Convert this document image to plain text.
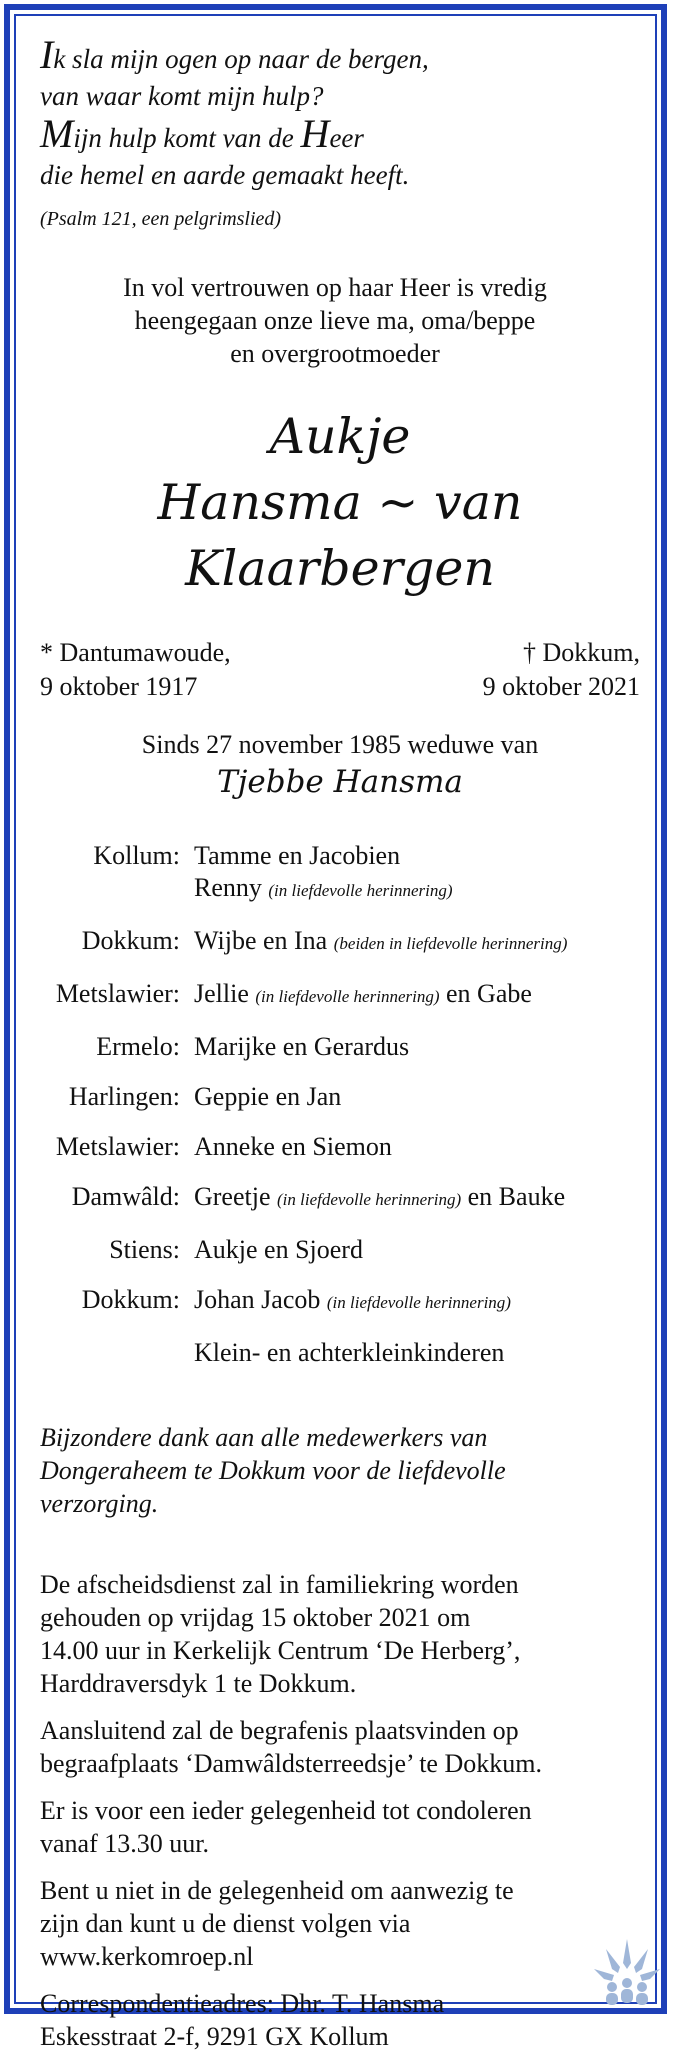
Ik sla mijn ogen op naar de bergen,
van waar komt mijn hulp?
Mijn hulp komt van de Heer
die hemel en aarde gemaakt heeft.
(Psalm 121, een pelgrimslied)
In vol vertrouwen op haar Heer is vredig
heengegaan onze lieve ma, oma/beppe
en overgrootmoeder
Aukje
Hansma ~ van Klaarbergen
* Dantumawoude,
9 oktober 1917
† Dokkum,
9 oktober 2021
Sinds 27 november 1985 weduwe van
Tjebbe Hansma
Kollum: Tamme en Jacobien
Renny (in liefdevolle herinnering)
Dokkum: Wijbe en Ina (beiden in liefdevolle herinnering)
Metslawier: Jellie (in liefdevolle herinnering) en Gabe
Ermelo: Marijke en Gerardus
Harlingen: Geppie en Jan
Metslawier: Anneke en Siemon
Damwâld: Greetje (in liefdevolle herinnering) en Bauke
Stiens: Aukje en Sjoerd
Dokkum: Johan Jacob (in liefdevolle herinnering)
Klein- en achterkleinkinderen
Bijzondere dank aan alle medewerkers van
Dongeraheem te Dokkum voor de liefdevolle
verzorging.
De afscheidsdienst zal in familiekring worden
gehouden op vrijdag 15 oktober 2021 om
14.00 uur in Kerkelijk Centrum ‘De Herberg’,
Harddraversdyk 1 te Dokkum.
Aansluitend zal de begrafenis plaatsvinden op
begraafplaats ‘Damwâldsterreedsje’ te Dokkum.
Er is voor een ieder gelegenheid tot condoleren
vanaf 13.30 uur.
Bent u niet in de gelegenheid om aanwezig te
zijn dan kunt u de dienst volgen via
www.kerkomroep.nl
Correspondentieadres: Dhr. T. Hansma
Eskesstraat 2-f, 9291 GX Kollum
